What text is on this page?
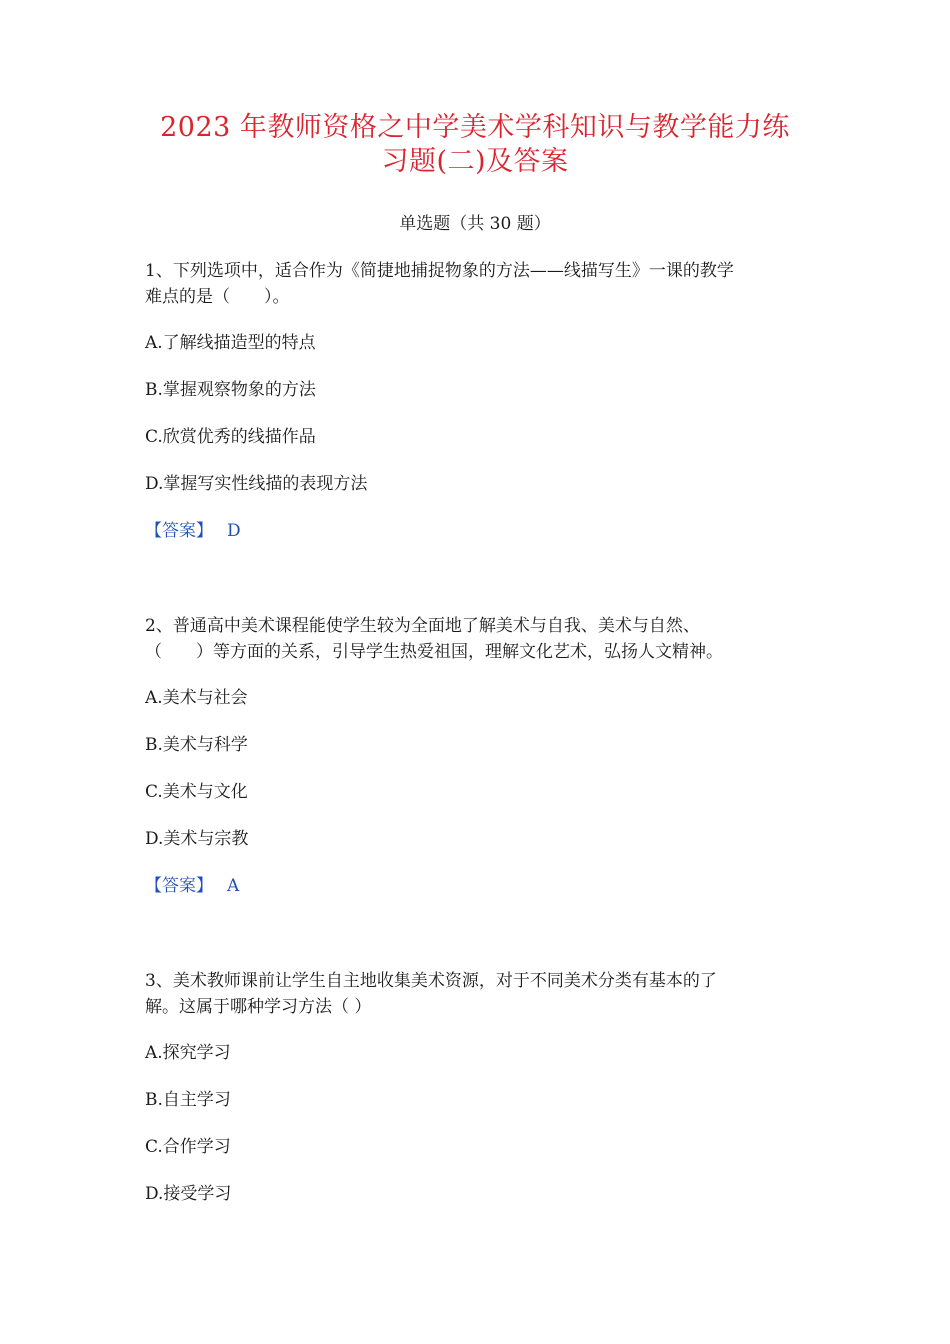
2023 年教师资格之中学美术学科知识与教学能力练
习题(二)及答案
单选题（共 30 题）
1、下列选项中，适合作为《简捷地捕捉物象的方法——线描写生》一课的教学
难点的是（　　）。
A.了解线描造型的特点
B.掌握观察物象的方法
C.欣赏优秀的线描作品
D.掌握写实性线描的表现方法
【答案】 D
2、普通高中美术课程能使学生较为全面地了解美术与自我、美术与自然、
（　　）等方面的关系，引导学生热爱祖国，理解文化艺术，弘扬人文精神。
A.美术与社会
B.美术与科学
C.美术与文化
D.美术与宗教
【答案】 A
3、美术教师课前让学生自主地收集美术资源，对于不同美术分类有基本的了
解。这属于哪种学习方法（ ）
A.探究学习
B.自主学习
C.合作学习
D.接受学习
